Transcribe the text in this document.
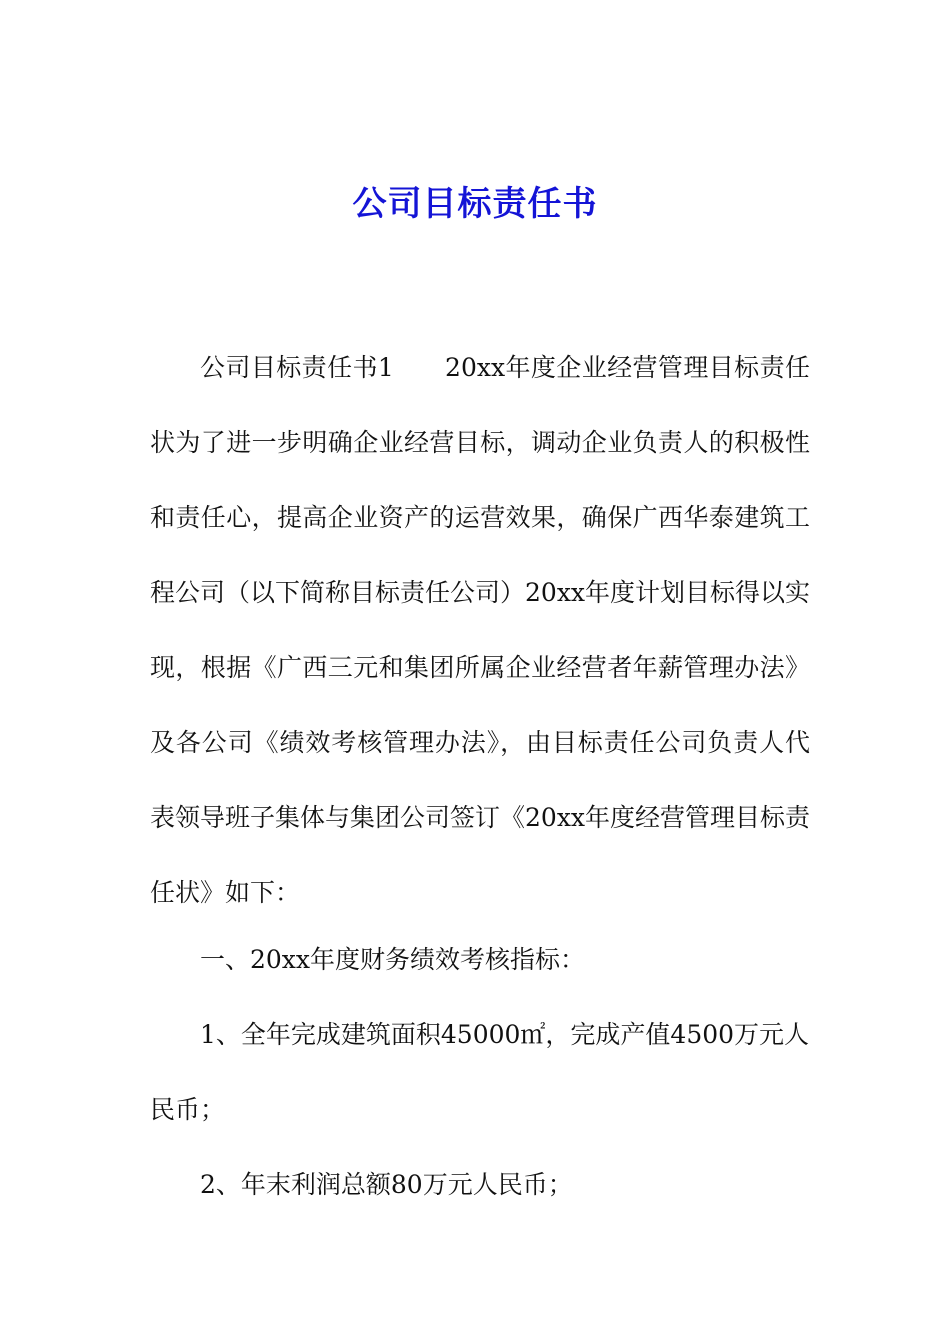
公司目标责任书

公司目标责任书1　　20xx年度企业经营管理目标责任状为了进一步明确企业经营目标，调动企业负责人的积极性和责任心，提高企业资产的运营效果，确保广西华泰建筑工程公司（以下简称目标责任公司）20xx年度计划目标得以实现，根据《广西三元和集团所属企业经营者年薪管理办法》及各公司《绩效考核管理办法》，由目标责任公司负责人代表领导班子集体与集团公司签订《20xx年度经营管理目标责任状》如下：

一、20xx年度财务绩效考核指标：

1、全年完成建筑面积45000㎡，完成产值4500万元人民币；

2、年末利润总额80万元人民币；
